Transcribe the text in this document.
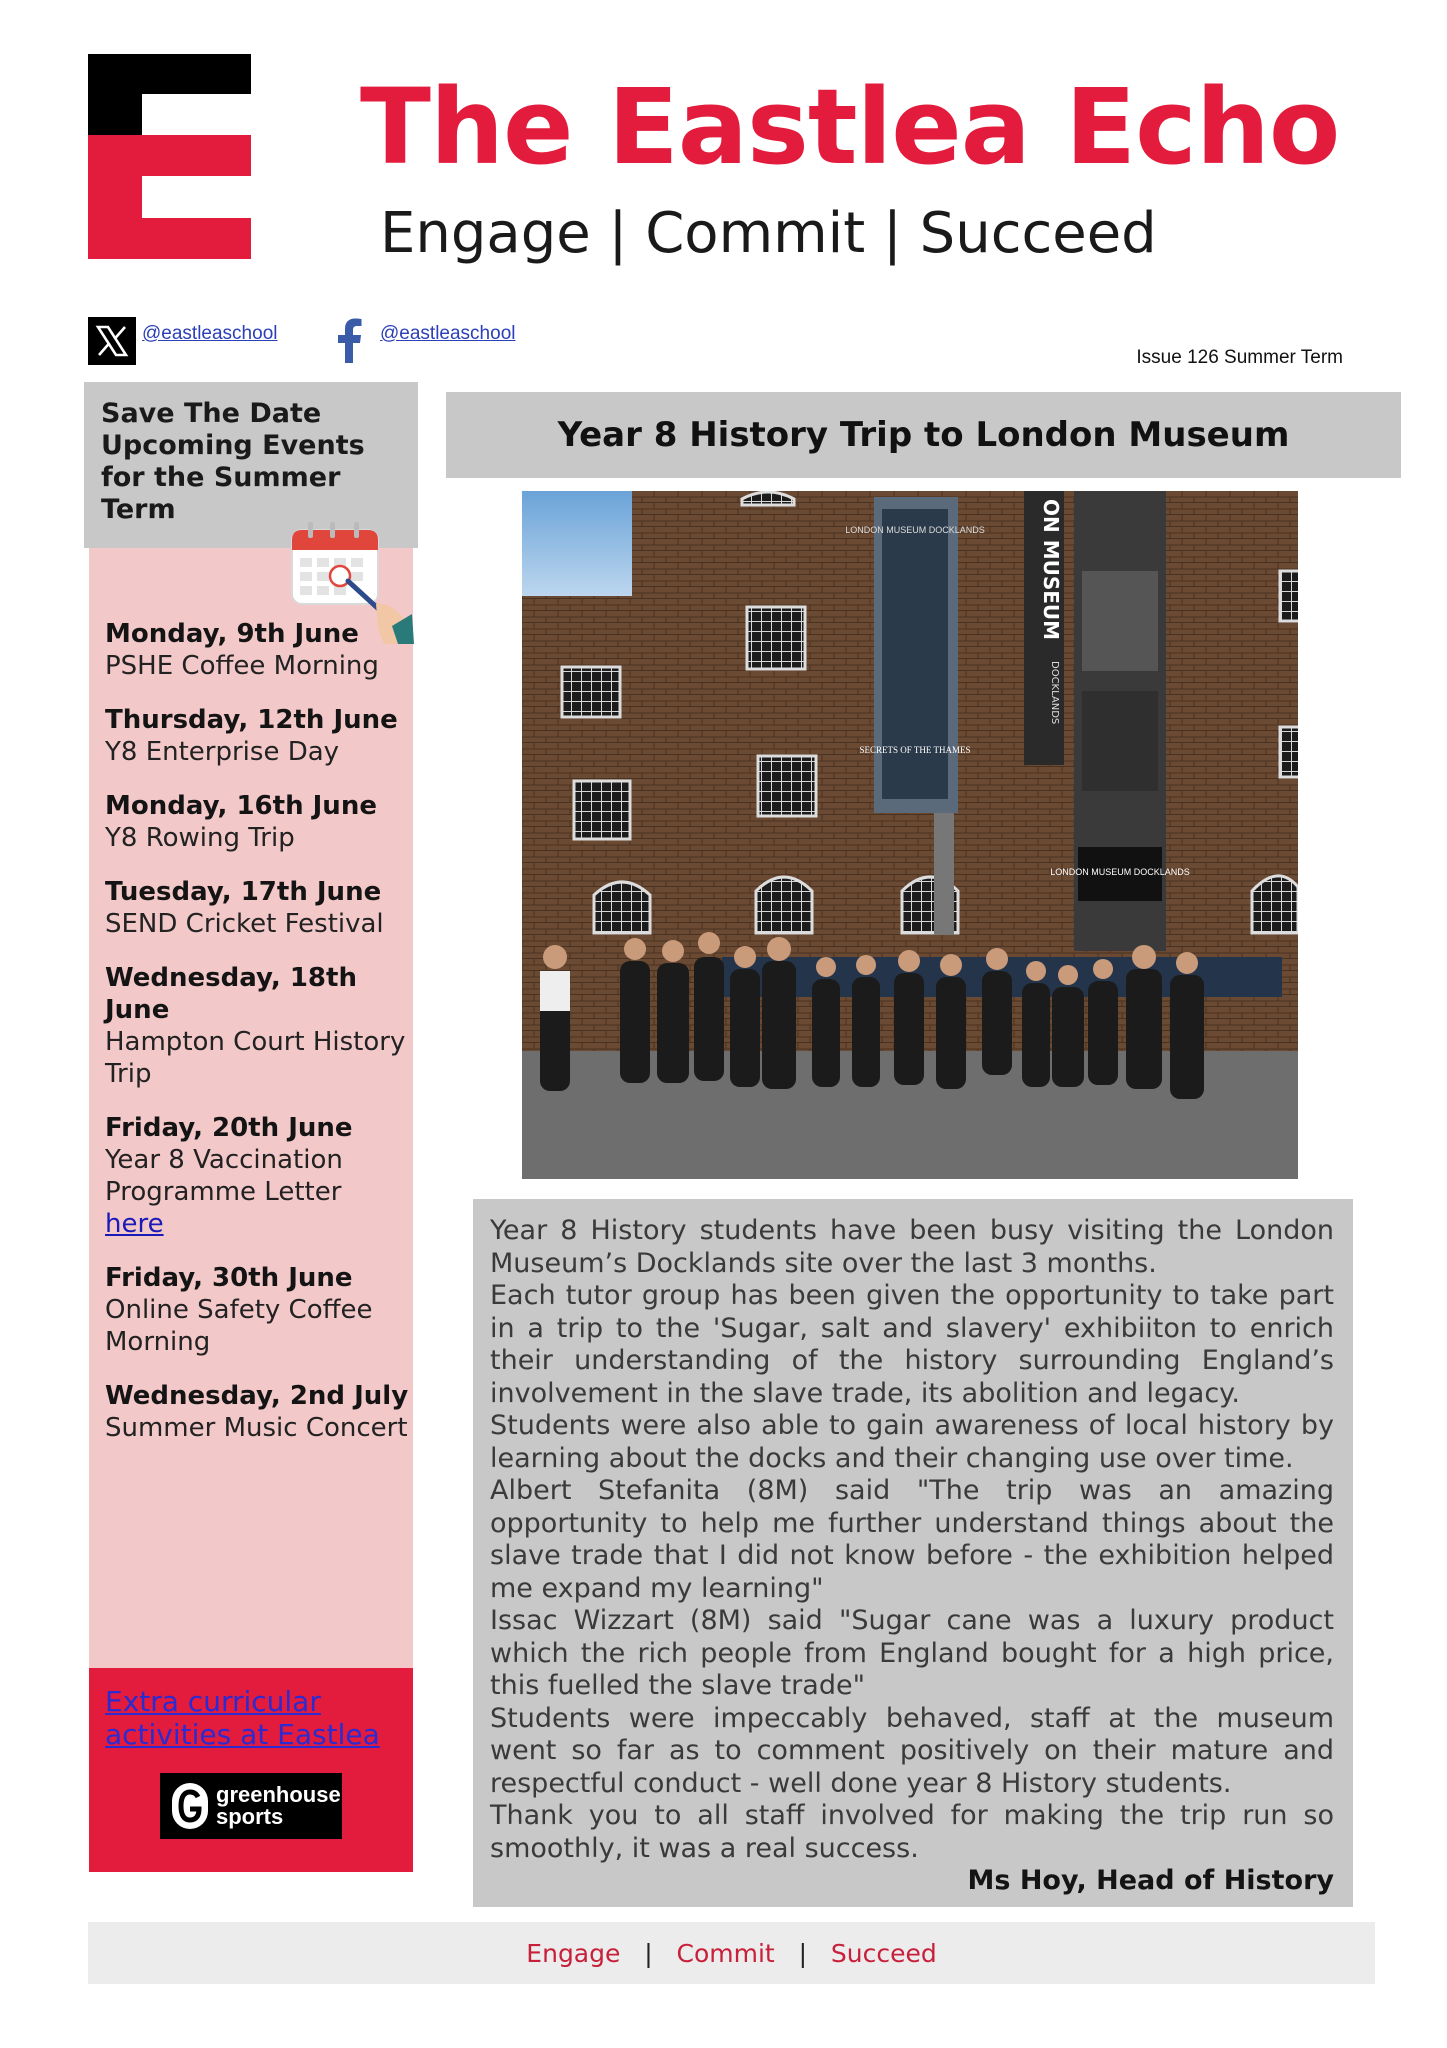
The Eastlea Echo
Engage | Commit | Succeed
@eastleaschool	@eastleaschool
Issue 126 Summer Term
Save The Date
Upcoming Events
for the Summer
Term
Monday, 9th June
PSHE Coffee Morning
Thursday, 12th June
Y8 Enterprise Day
Monday, 16th June
Y8 Rowing Trip
Tuesday, 17th June
SEND Cricket Festival
Wednesday, 18th June
Hampton Court History Trip
Friday, 20th June
Year 8 Vaccination Programme Letter
here
Friday, 30th June
Online Safety Coffee Morning
Wednesday, 2nd July
Summer Music Concert
Extra curricular activities at Eastlea
greenhouse
sports
Year 8 History Trip to London Museum
LONDON MUSEUM DOCKLANDS
SECRETS OF THE THAMES
ON MUSEUM
DOCKLANDS
LONDON MUSEUM DOCKLANDS

Year 8 History students have been busy visiting the London Museum’s Docklands site over the last 3 months.

Each tutor group has been given the opportunity to take part in a trip to the 'Sugar, salt and slavery' exhibiiton to enrich their understanding of the history surrounding England’s involvement in the slave trade, its abolition and legacy.

Students were also able to gain awareness of local history by learning about the docks and their changing use over time.

Albert Stefanita (8M) said "The trip was an amazing opportunity to help me further understand things about the slave trade that I did not know before - the exhibition helped me expand my learning"

Issac Wizzart (8M) said "Sugar cane was a luxury product which the rich people from England bought for a high price, this fuelled the slave trade"

Students were impeccably behaved, staff at the museum went so far as to comment positively on their mature and respectful conduct - well done year 8 History students.

Thank you to all staff involved for making the trip run so smoothly, it was a real success.

Ms Hoy, Head of History

Engage
|
Commit
|
Succeed
